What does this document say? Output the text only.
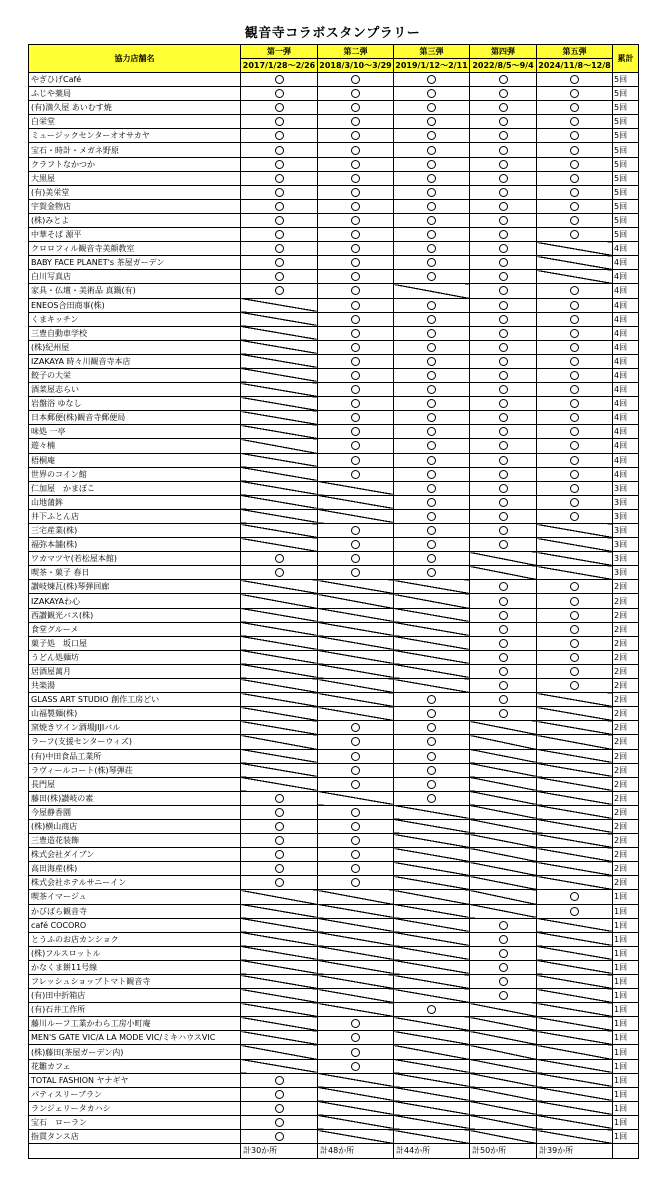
観音寺コラボスタンプラリー
協力店舗名	第一弾	第二弾	第三弾	第四弾	第五弾	累計
	2017/1/28～2/26	2018/3/10～3/29	2019/1/12～2/11	2022/8/5～9/4	2024/11/8～12/8	
やぎひげCafé						5回
ふじや薬局						5回
(有)満久屋 あいむす焼						5回
白栄堂						5回
ミュージックセンターオオサカヤ						5回
宝石・時計・メガネ野原						5回
クラフトなかつか						5回
大黒屋						5回
(有)美栄堂						5回
宇賀金物店						5回
(株)みとよ						5回
中華そば 源平						5回
クロロフィル観音寺美顔教室						4回
BABY FACE PLANET's 茶屋ガーデン						4回
白川写真店						4回
家具・仏壇・美術品 真鍋(有)						4回
ENEOS合田商事(株)						4回
くまキッチン						4回
三豊自動車学校						4回
(株)紀州屋						4回
IZAKAYA 時々川観音寺本店						4回
餃子の大栄						4回
酒菜屋志らい						4回
岩盤浴 ゆなし						4回
日本郵便(株)観音寺郵便局						4回
味処 一亭						4回
遊々楠						4回
梧桐庵						4回
世界のコイン館						4回
仁加屋　かまぼこ						3回
山地蒲鉾						3回
井下ふとん店						3回
三宅産業(株)						3回
福弥本舗(株)						3回
ワカマツヤ(若松屋本館)						3回
喫茶・菓子 春日						3回
讃岐煉瓦(株)琴弾回廊						2回
IZAKAYAわ心						2回
西讃観光バス(株)						2回
食堂グルーメ						2回
菓子処　坂口屋						2回
うどん処麺坊						2回
居酒屋萬月						2回
共楽湯						2回
GLASS ART STUDIO 創作工房どい						2回
山福製麺(株)						2回
窯焼きワイン酒場JIJIバル						2回
ラーフ(支援センターウィズ)						2回
(有)中田食品工業所						2回
ラヴィールコート(株)琴弾荘						2回
長門屋						2回
藤田(株)讃岐の素						2回
今屋静香園						2回
(株)横山商店						2回
三豊造花装飾						2回
株式会社ダイブン						2回
高田海産(株)						2回
株式会社ホテルサニーイン						2回
喫茶イマージュ						1回
かびばら観音寺						1回
café COCORO						1回
とうふのお店カンショク						1回
(株)フルスロットル						1回
かなくま餅11号線						1回
フレッシュショップトマト観音寺						1回
(有)田中折箱店						1回
(有)石井工作所						1回
藤川ルーフ工業かわら工房小町庵						1回
MEN'S GATE VIC/A LA MODE VIC/ミキハウスVIC						1回
(株)藤田(茶屋ガーデン内)						1回
花雛カフェ						1回
TOTAL FASHION ヤナギヤ						1回
パティスリーブラン						1回
ランジェリータカハシ						1回
宝石　ローラン						1回
指貫タンス店						1回
	計30か所	計48か所	計44か所	計50か所	計39か所	
